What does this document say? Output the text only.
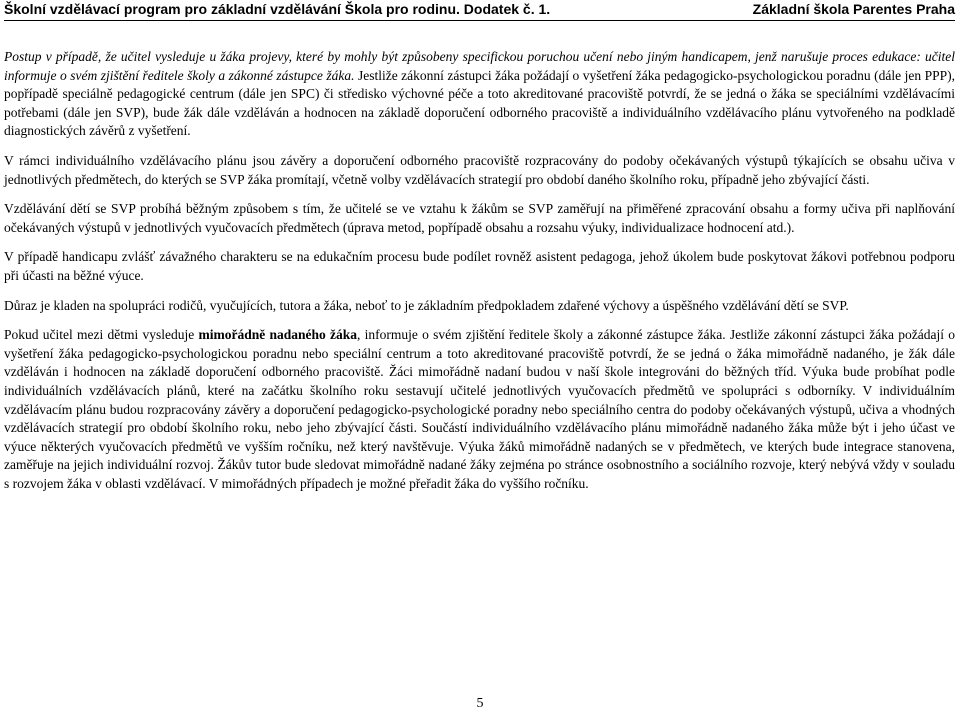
Školní vzdělávací program pro základní vzdělávání Škola pro rodinu. Dodatek č. 1.	Základní škola Parentes Praha

Postup v případě, že učitel vysleduje u žáka projevy, které by mohly být způsobeny specifickou poruchou učení nebo jiným handicapem, jenž narušuje proces edukace: učitel informuje o svém zjištění ředitele školy a zákonné zástupce žáka. Jestliže zákonní zástupci žáka požádají o vyšetření žáka pedagogicko-psychologickou poradnu (dále jen PPP), popřípadě speciálně pedagogické centrum (dále jen SPC) či středisko výchovné péče a toto akreditované pracoviště potvrdí, že se jedná o žáka se speciálními vzdělávacími potřebami (dále jen SVP), bude žák dále vzděláván a hodnocen na základě doporučení odborného pracoviště a individuálního vzdělávacího plánu vytvořeného na podkladě diagnostických závěrů z vyšetření.

V rámci individuálního vzdělávacího plánu jsou závěry a doporučení odborného pracoviště rozpracovány do podoby očekávaných výstupů týkajících se obsahu učiva v jednotlivých předmětech, do kterých se SVP žáka promítají, včetně volby vzdělávacích strategií pro období daného školního roku, případně jeho zbývající části.

Vzdělávání dětí se SVP probíhá běžným způsobem s tím, že učitelé se ve vztahu k žákům se SVP zaměřují na přiměřené zpracování obsahu a formy učiva při naplňování očekávaných výstupů v jednotlivých vyučovacích předmětech (úprava metod, popřípadě obsahu a rozsahu výuky, individualizace hodnocení atd.).

V případě handicapu zvlášť závažného charakteru se na edukačním procesu bude podílet rovněž asistent pedagoga, jehož úkolem bude poskytovat žákovi potřebnou podporu při účasti na běžné výuce.

Důraz je kladen na spolupráci rodičů, vyučujících, tutora a žáka, neboť to je základním předpokladem zdařené výchovy a úspěšného vzdělávání dětí se SVP.

Pokud učitel mezi dětmi vysleduje mimořádně nadaného žáka, informuje o svém zjištění ředitele školy a zákonné zástupce žáka. Jestliže zákonní zástupci žáka požádají o vyšetření žáka pedagogicko-psychologickou poradnu nebo speciální centrum a toto akreditované pracoviště potvrdí, že se jedná o žáka mimořádně nadaného, je žák dále vzděláván i hodnocen na základě doporučení odborného pracoviště. Žáci mimořádně nadaní budou v naší škole integrováni do běžných tříd. Výuka bude probíhat podle individuálních vzdělávacích plánů, které na začátku školního roku sestavují učitelé jednotlivých vyučovacích předmětů ve spolupráci s odborníky. V individuálním vzdělávacím plánu budou rozpracovány závěry a doporučení pedagogicko-psychologické poradny nebo speciálního centra do podoby očekávaných výstupů, učiva a vhodných vzdělávacích strategií pro období školního roku, nebo jeho zbývající části. Součástí individuálního vzdělávacího plánu mimořádně nadaného žáka může být i jeho účast ve výuce některých vyučovacích předmětů ve vyšším ročníku, než který navštěvuje. Výuka žáků mimořádně nadaných se v předmětech, ve kterých bude integrace stanovena, zaměřuje na jejich individuální rozvoj. Žákův tutor bude sledovat mimořádně nadané žáky zejména po stránce osobnostního a sociálního rozvoje, který nebývá vždy v souladu s rozvojem žáka v oblasti vzdělávací. V mimořádných případech je možné přeřadit žáka do vyššího ročníku.

5
